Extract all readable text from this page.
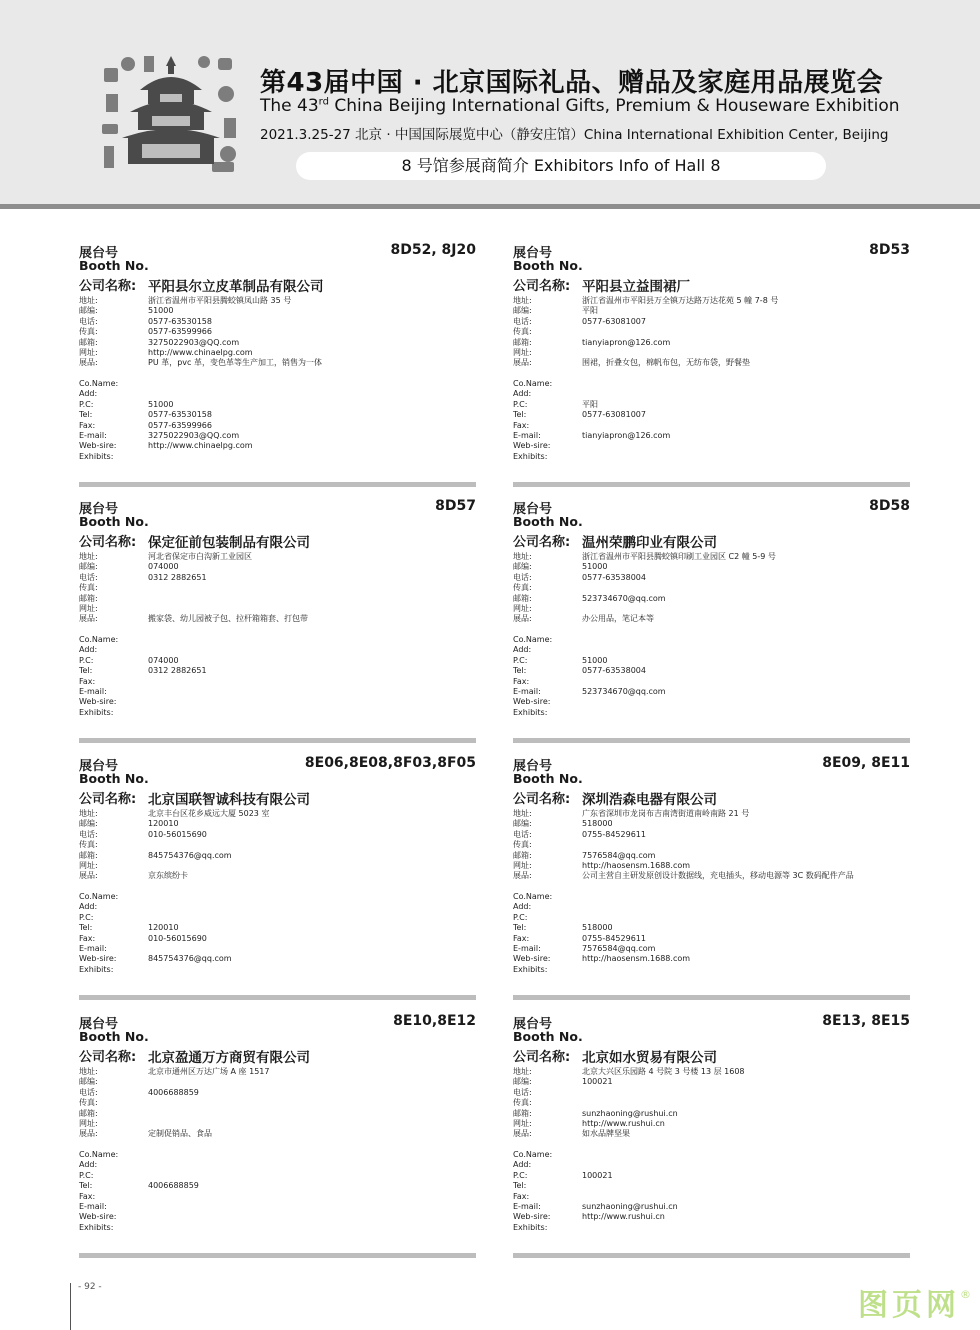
第43届中国 · 北京国际礼品、赠品及家庭用品展览会
The 43rd China Beijing International Gifts, Premium & Houseware Exhibition
2021.3.25-27 北京 · 中国国际展览中心（静安庄馆）China International Exhibition Center, Beijing
8 号馆参展商简介 Exhibitors Info of Hall 8
展台号
Booth No.
8D52, 8J20
公司名称: 平阳县尔立皮革制品有限公司
地址:	浙江省温州市平阳县腾蛟镇凤山路 35 号
邮编:	51000
电话:	0577-63530158
传真:	0577-63599966
邮箱:	3275022903@QQ.com
网址:	http://www.chinaelpg.com
展品:	PU 革，pvc 革，变色革等生产加工，销售为一体
Co.Name:
Add:
P.C:	51000
Tel:	0577-63530158
Fax:	0577-63599966
E-mail:	3275022903@QQ.com
Web-sire:	http://www.chinaelpg.com
Exhibits:
展台号
Booth No.
8D53
公司名称: 平阳县立益围裙厂
地址:	浙江省温州市平阳县万全镇万达路万达花苑 5 幢 7-8 号
邮编:	平阳
电话:	0577-63081007
传真:
邮箱:	tianyiapron@126.com
网址:
展品:	围裙，折叠女包，棉帆布包，无纺布袋，野餐垫
Co.Name:
Add:
P.C:	平阳
Tel:	0577-63081007
Fax:
E-mail:	tianyiapron@126.com
Web-sire:
Exhibits:
展台号
Booth No.
8D57
公司名称: 保定征前包装制品有限公司
地址:	河北省保定市白沟新工业园区
邮编:	074000
电话:	0312 2882651
传真:
邮箱:
网址:
展品:	搬家袋、幼儿园被子包、拉杆箱箱套、打包带
Co.Name:
Add:
P.C:	074000
Tel:	0312 2882651
Fax:
E-mail:
Web-sire:
Exhibits:
展台号
Booth No.
8D58
公司名称: 温州荣鹏印业有限公司
地址:	浙江省温州市平阳县腾蛟镇印刷工业园区 C2 幢 5-9 号
邮编:	51000
电话:	0577-63538004
传真:
邮箱:	523734670@qq.com
网址:
展品:	办公用品，笔记本等
Co.Name:
Add:
P.C:	51000
Tel:	0577-63538004
Fax:
E-mail:	523734670@qq.com
Web-sire:
Exhibits:
展台号
Booth No.
8E06,8E08,8F03,8F05
公司名称: 北京国联智诚科技有限公司
地址:	北京丰台区花乡威远大厦 5023 室
邮编:	120010
电话:	010-56015690
传真:
邮箱:	845754376@qq.com
网址:
展品:	京东缤纷卡
Co.Name:
Add:
P.C:
Tel:	120010
Fax:	010-56015690
E-mail:
Web-sire:	845754376@qq.com
Exhibits:
展台号
Booth No.
8E09, 8E11
公司名称: 深圳浩森电器有限公司
地址:	广东省深圳市龙岗布吉南湾街道南岭南路 21 号
邮编:	518000
电话:	0755-84529611
传真:
邮箱:	7576584@qq.com
网址:	http://haosensm.1688.com
展品:	公司主营自主研发原创设计数据线，充电插头，移动电源等 3C 数码配件产品
Co.Name:
Add:
P.C:
Tel:	518000
Fax:	0755-84529611
E-mail:	7576584@qq.com
Web-sire:	http://haosensm.1688.com
Exhibits:
展台号
Booth No.
8E10,8E12
公司名称: 北京盈通万方商贸有限公司
地址:	北京市通州区万达广场 A 座 1517
邮编:
电话:	4006688859
传真:
邮箱:
网址:
展品:	定制促销品、食品
Co.Name:
Add:
P.C:
Tel:	4006688859
Fax:
E-mail:
Web-sire:
Exhibits:
展台号
Booth No.
8E13, 8E15
公司名称: 北京如水贸易有限公司
地址:	北京大兴区乐园路 4 号院 3 号楼 13 层 1608
邮编:	100021
电话:
传真:
邮箱:	sunzhaoning@rushui.cn
网址:	http://www.rushui.cn
展品:	如水品牌坚果
Co.Name:
Add:
P.C:	100021
Tel:
Fax:
E-mail:	sunzhaoning@rushui.cn
Web-sire:	http://www.rushui.cn
Exhibits:
- 92 -
图页网®
